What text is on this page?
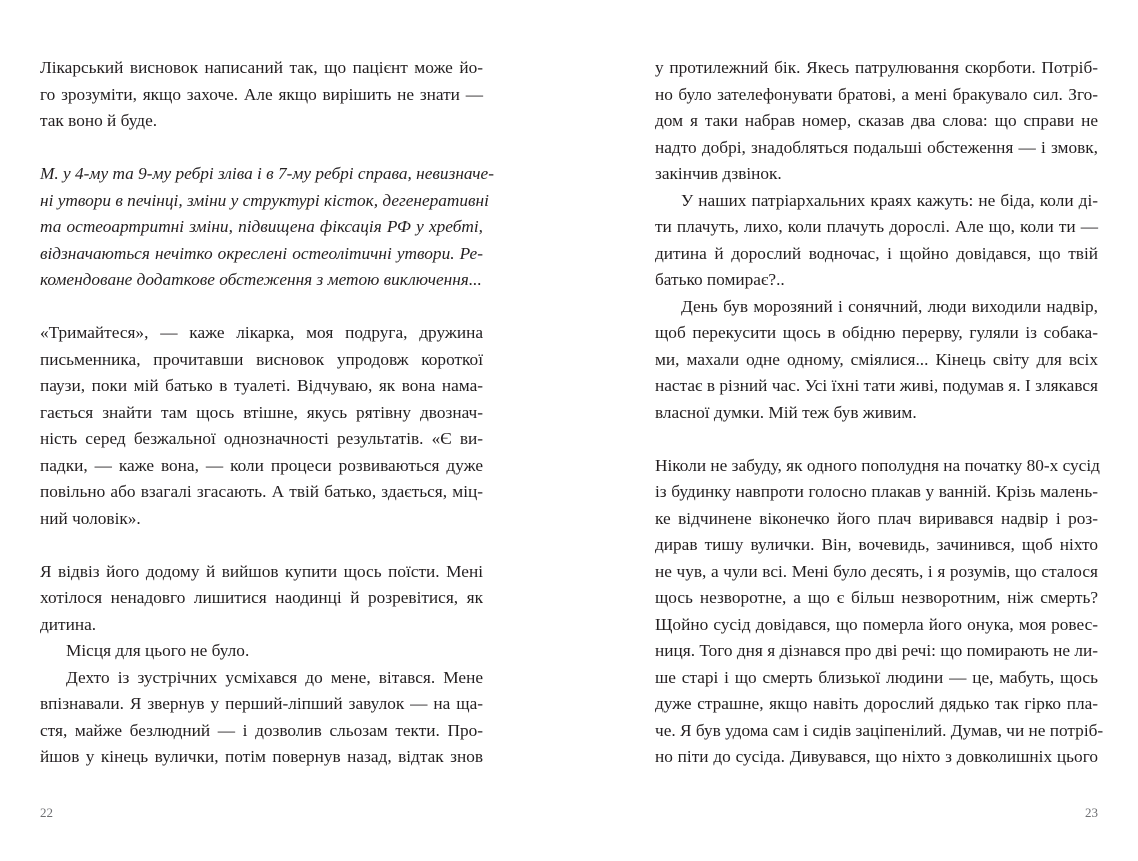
Лікарський висновок написаний так, що пацієнт може йо-
го зрозуміти, якщо захоче. Але якщо вирішить не знати —
так воно й буде.
М. у 4-му та 9-му ребрі зліва і в 7-му ребрі справа, невизначе-
ні утвори в печінці, зміни у структурі кісток, дегенеративні
та остеоартритні зміни, підвищена фіксація РФ у хребті,
відзначаються нечітко окреслені остеолітичні утвори. Ре-
комендоване додаткове обстеження з метою виключення...
«Тримайтеся», — каже лікарка, моя подруга, дружина
письменника, прочитавши висновок упродовж короткої
паузи, поки мій батько в туалеті. Відчуваю, як вона нама-
гається знайти там щось втішне, якусь рятівну двознач-
ність серед безжальної однозначності результатів. «Є ви-
падки, — каже вона, — коли процеси розвиваються дуже
повільно або взагалі згасають. А твій батько, здається, міц-
ний чоловік».
Я відвіз його додому й вийшов купити щось поїсти. Мені
хотілося ненадовго лишитися наодинці й розревітися, як
дитина.
Місця для цього не було.
Дехто із зустрічних усміхався до мене, вітався. Мене
впізнавали. Я звернув у перший-ліпший завулок — на ща-
стя, майже безлюдний — і дозволив сльозам текти. Про-
йшов у кінець вулички, потім повернув назад, відтак знов
22
у протилежний бік. Якесь патрулювання скорботи. Потріб-
но було зателефонувати братові, а мені бракувало сил. Зго-
дом я таки набрав номер, сказав два слова: що справи не
надто добрі, знадобляться подальші обстеження — і змовк,
закінчив дзвінок.
У наших патріархальних краях кажуть: не біда, коли ді-
ти плачуть, лихо, коли плачуть дорослі. Але що, коли ти —
дитина й дорослий водночас, і щойно довідався, що твій
батько помирає?..
День був морозяний і сонячний, люди виходили надвір,
щоб перекусити щось в обідню перерву, гуляли із собака-
ми, махали одне одному, сміялися... Кінець світу для всіх
настає в різний час. Усі їхні тати живі, подумав я. І злякався
власної думки. Мій теж був живим.
Ніколи не забуду, як одного пополудня на початку 80-х сусід
із будинку навпроти голосно плакав у ванній. Крізь малень-
ке відчинене віконечко його плач виривався надвір і роз-
дирав тишу вулички. Він, вочевидь, зачинився, щоб ніхто
не чув, а чули всі. Мені було десять, і я розумів, що сталося
щось незворотне, а що є більш незворотним, ніж смерть?
Щойно сусід довідався, що померла його онука, моя ровес-
ниця. Того дня я дізнався про дві речі: що помирають не ли-
ше старі і що смерть близької людини — це, мабуть, щось
дуже страшне, якщо навіть дорослий дядько так гірко пла-
че. Я був удома сам і сидів заціпенілий. Думав, чи не потріб-
но піти до сусіда. Дивувався, що ніхто з довколишніх цього
23
